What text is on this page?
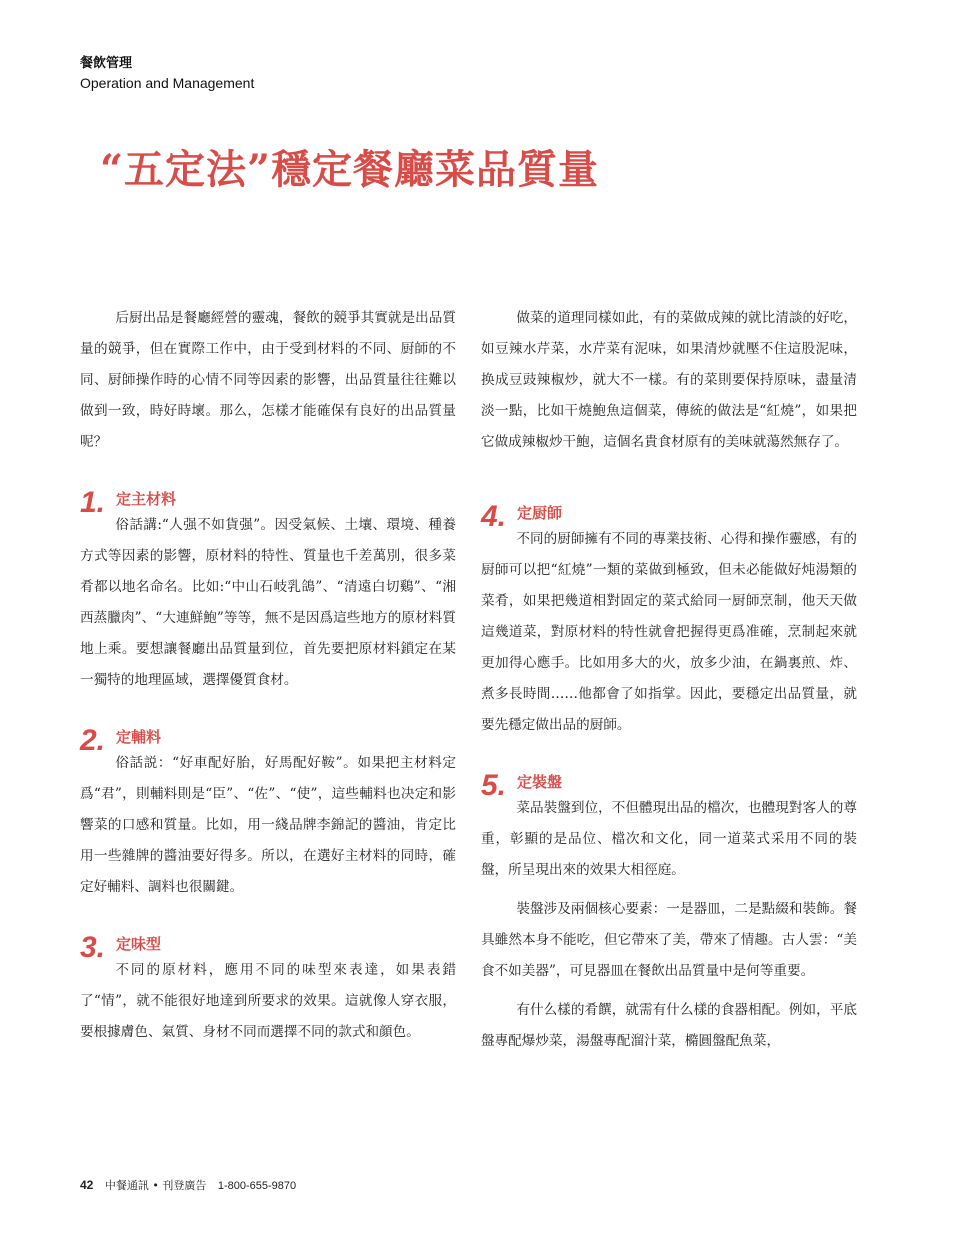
餐飲管理
Operation and Management
“五定法”穩定餐廳菜品質量

后厨出品是餐廳經營的靈魂，餐飲的競爭其實就是出品質量的競爭，但在實際工作中，由于受到材料的不同、厨師的不同、厨師操作時的心情不同等因素的影響，出品質量往往難以做到一致，時好時壞。那么，怎樣才能確保有良好的出品質量呢？

1. 定主材料

俗話講:“人强不如貨强”。因受氣候、土壤、環境、種養方式等因素的影響，原材料的特性、質量也千差萬別，很多菜肴都以地名命名。比如:“中山石岐乳鴿”、“清遠白切鷄”、“湘西蒸臘肉”、“大連鮮鮑”等等，無不是因爲這些地方的原材料質地上乘。要想讓餐廳出品質量到位，首先要把原材料鎖定在某一獨特的地理區域，選擇優質食材。

2. 定輔料

俗話説：“好車配好胎，好馬配好鞍”。如果把主材料定爲“君”，則輔料則是“臣”、“佐”、“使”，這些輔料也决定和影響菜的口感和質量。比如，用一綫品牌李錦記的醬油，肯定比用一些雜牌的醬油要好得多。所以，在選好主材料的同時，確定好輔料、調料也很關鍵。

3. 定味型

不同的原材料，應用不同的味型來表達，如果表錯了“情”，就不能很好地達到所要求的效果。這就像人穿衣服，要根據膚色、氣質、身材不同而選擇不同的款式和顔色。

做菜的道理同樣如此，有的菜做成辣的就比清談的好吃，如豆辣水芹菜，水芹菜有泥味，如果清炒就壓不住這股泥味，换成豆豉辣椒炒，就大不一樣。有的菜則要保持原味，盡量清淡一點，比如干燒鮑魚這個菜，傳統的做法是“紅燒”，如果把它做成辣椒炒干鮑，這個名貴食材原有的美味就蕩然無存了。

4. 定厨師

不同的厨師擁有不同的專業技術、心得和操作靈感，有的厨師可以把“紅燒”一類的菜做到極致，但未必能做好炖湯類的菜肴，如果把幾道相對固定的菜式給同一厨師烹制，他天天做這幾道菜，對原材料的特性就會把握得更爲准確，烹制起來就更加得心應手。比如用多大的火，放多少油，在鍋裏煎、炸、煮多長時間……他都會了如指掌。因此，要穩定出品質量，就要先穩定做出品的厨師。

5. 定裝盤

菜品裝盤到位，不但體現出品的檔次，也體現對客人的尊重，彰顯的是品位、檔次和文化，同一道菜式采用不同的裝盤，所呈現出來的效果大相徑庭。

裝盤涉及兩個核心要素：一是器皿，二是點綴和裝飾。餐具雖然本身不能吃，但它帶來了美，帶來了情趣。古人雲：“美食不如美器”，可見器皿在餐飲出品質量中是何等重要。

有什么樣的肴饌，就需有什么樣的食器相配。例如，平底盤專配爆炒菜，湯盤專配溜汁菜，橢圓盤配魚菜，

42 中餐通訊 • 刊登廣告 1-800-655-9870
